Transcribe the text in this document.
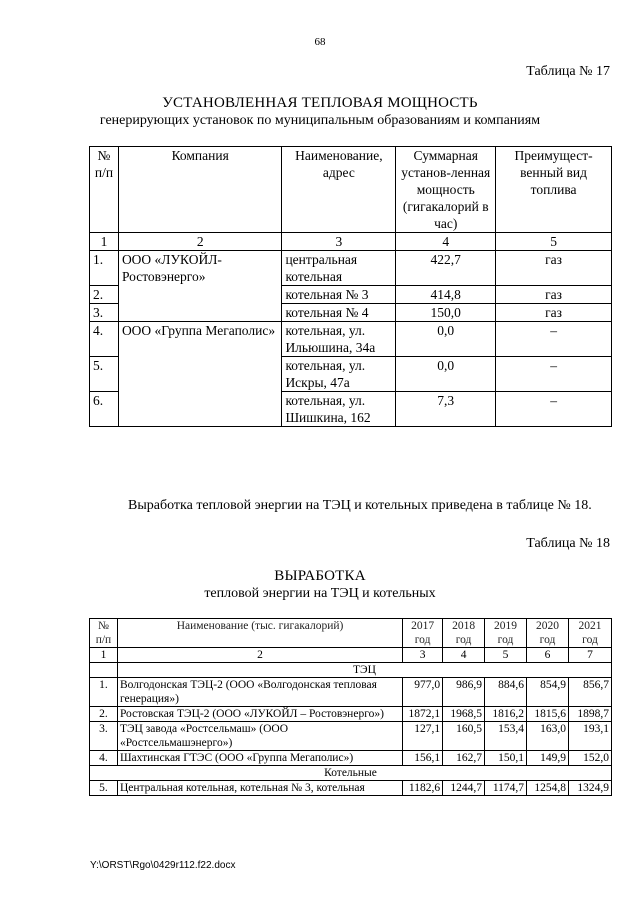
68
Таблица № 17
УСТАНОВЛЕННАЯ ТЕПЛОВАЯ МОЩНОСТЬ
генерирующих установок по муниципальным образованиям и компаниям
№ п/п	Компания	Наименование, адрес	Суммарная установ-ленная мощность (гигакалорий в час)	Преимущест-венный вид топлива
1	2	3	4	5
1.	ООО «ЛУКОЙЛ-Ростовэнерго»	центральная котельная	422,7	газ
2.		котельная № 3	414,8	газ
3.		котельная № 4	150,0	газ
4.	ООО «Группа Мегаполис»	котельная, ул. Ильюшина, 34а	0,0	–
5.		котельная, ул. Искры, 47а	0,0	–
6.		котельная, ул. Шишкина, 162	7,3	–
Выработка тепловой энергии на ТЭЦ и котельных приведена в таблице № 18.
Таблица № 18
ВЫРАБОТКА
тепловой энергии на ТЭЦ и котельных
№ п/п	Наименование (тыс. гигакалорий)	2017 год	2018 год	2019 год	2020 год	2021 год
1	2	3	4	5	6	7
	ТЭЦ					
1.	Волгодонская ТЭЦ-2 (ООО «Волгодонская тепловая генерация»)	977,0	986,9	884,6	854,9	856,7
2.	Ростовская ТЭЦ-2 (ООО «ЛУКОЙЛ – Ростовэнерго»)	1872,1	1968,5	1816,2	1815,6	1898,7
3.	ТЭЦ завода «Ростсельмаш» (ООО «Ростсельмашэнерго»)	127,1	160,5	153,4	163,0	193,1
4.	Шахтинская ГТЭС (ООО «Группа Мегаполис»)	156,1	162,7	150,1	149,9	152,0
Котельные						
5.	Центральная котельная, котельная № 3, котельная	1182,6	1244,7	1174,7	1254,8	1324,9
Y:\ORST\Rgo\0429r112.f22.docx
